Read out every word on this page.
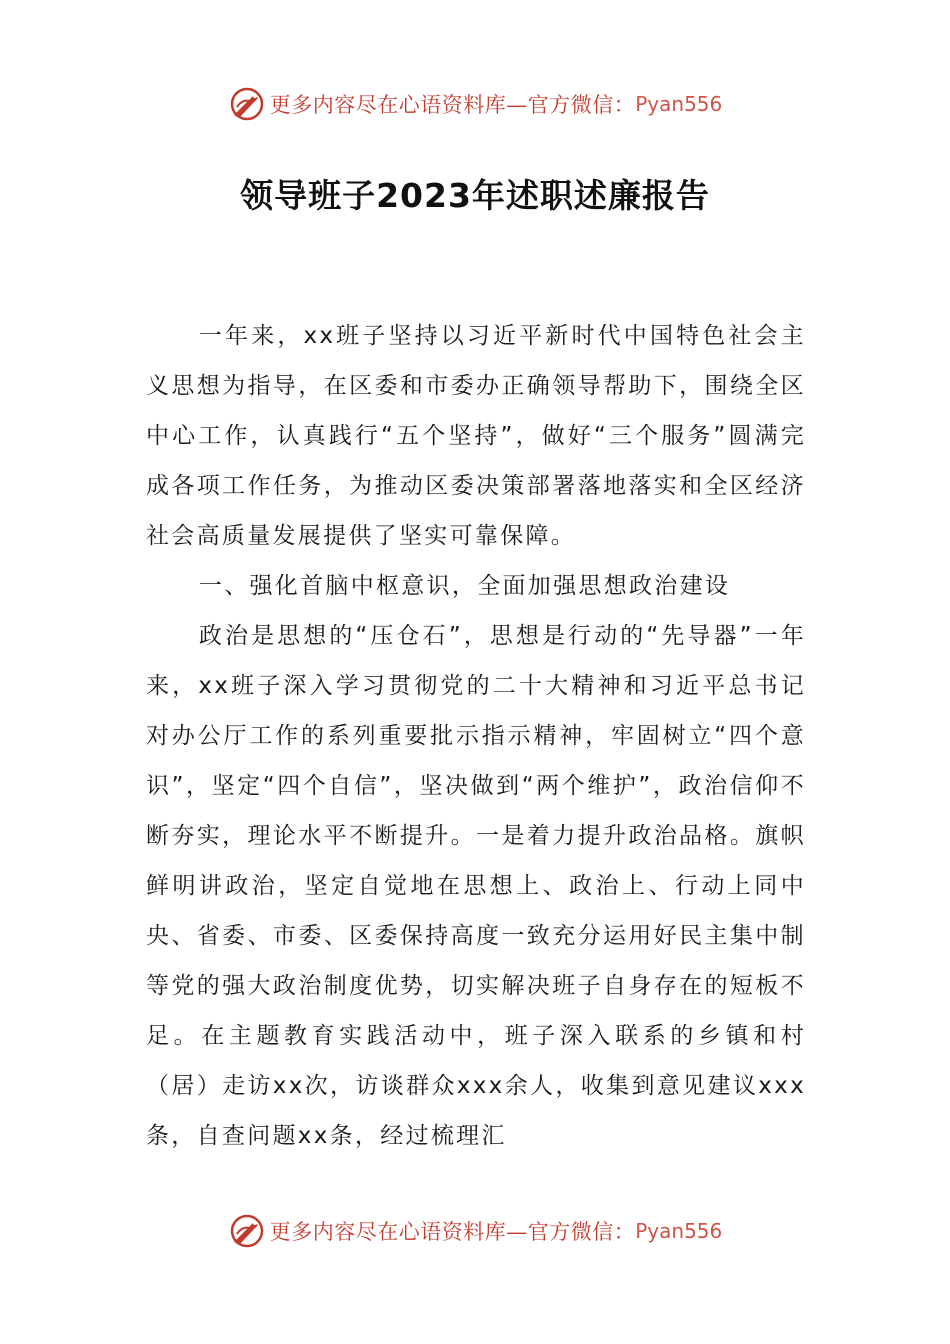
更多内容尽在心语资料库—官方微信： Pyan556
领导班子2023年述职述廉报告

一年来，xx班子坚持以习近平新时代中国特色社会主义思想为指导，在区委和市委办正确领导帮助下，围绕全区中心工作，认真践行“五个坚持”，做好“三个服务”圆满完成各项工作任务，为推动区委决策部署落地落实和全区经济社会高质量发展提供了坚实可靠保障。

一、强化首脑中枢意识，全面加强思想政治建设

政治是思想的“压仓石”，思想是行动的“先导器”一年来，xx班子深入学习贯彻党的二十大精神和习近平总书记对办公厅工作的系列重要批示指示精神，牢固树立“四个意识”，坚定“四个自信”，坚决做到“两个维护”，政治信仰不断夯实，理论水平不断提升。一是着力提升政治品格。旗帜鲜明讲政治，坚定自觉地在思想上、政治上、行动上同中央、省委、市委、区委保持高度一致充分运用好民主集中制等党的强大政治制度优势，切实解决班子自身存在的短板不足。在主题教育实践活动中，班子深入联系的乡镇和村（居）走访xx次，访谈群众xxx余人，收集到意见建议xxx条，自查问题xx条，经过梳理汇

更多内容尽在心语资料库—官方微信： Pyan556
